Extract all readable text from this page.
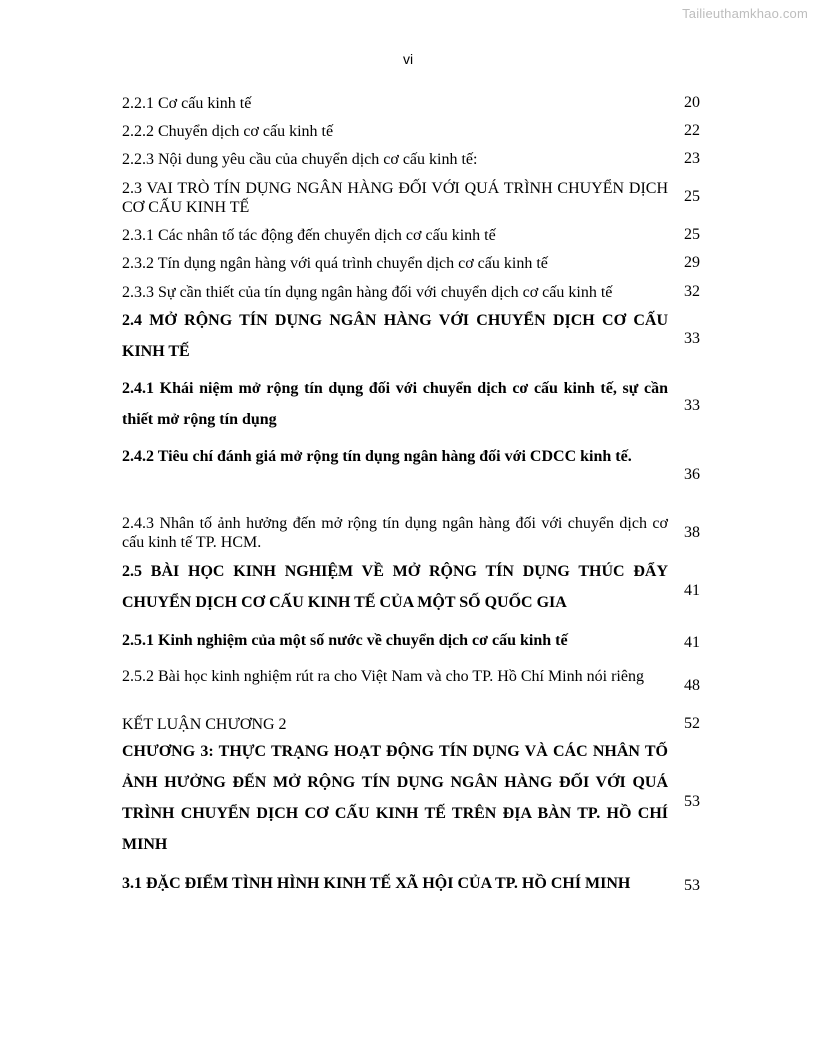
Tailieuthamkhao.com
vi
2.2.1 Cơ cấu kinh tế	20
2.2.2 Chuyển dịch cơ cấu kinh tế	22
2.2.3 Nội dung yêu cầu của chuyển dịch cơ cấu kinh tế:	23
2.3 VAI TRÒ TÍN DỤNG NGÂN HÀNG ĐỐI VỚI QUÁ TRÌNH CHUYỂN DỊCH CƠ CẤU KINH TẾ
25
2.3.1 Các nhân tố tác động đến chuyển dịch cơ cấu kinh tế	25
2.3.2 Tín dụng ngân hàng với quá trình chuyển dịch cơ cấu kinh tế	29
2.3.3 Sự cần thiết của tín dụng ngân hàng đối với chuyển dịch cơ cấu kinh tế	32
2.4 MỞ RỘNG TÍN DỤNG NGÂN HÀNG VỚI CHUYỂN DỊCH CƠ CẤU KINH TẾ
33
2.4.1 Khái niệm mở rộng tín dụng đối với chuyển dịch cơ cấu kinh tế, sự cần thiết mở rộng tín dụng
33
2.4.2 Tiêu chí đánh giá mở rộng tín dụng ngân hàng đối với CDCC kinh tế.
36
2.4.3 Nhân tố ảnh hưởng đến mở rộng tín dụng ngân hàng đối với chuyển dịch cơ cấu kinh tế TP. HCM.
38
2.5 BÀI HỌC KINH NGHIỆM VỀ MỞ RỘNG TÍN DỤNG THÚC ĐẨY CHUYỂN DỊCH CƠ CẤU KINH TẾ CỦA MỘT SỐ QUỐC GIA
41
2.5.1 Kinh nghiệm của một số nước về chuyển dịch cơ cấu kinh tế	41
2.5.2 Bài học kinh nghiệm rút ra cho Việt Nam và cho TP. Hồ Chí Minh nói riêng
48
KẾT LUẬN CHƯƠNG 2	52
CHƯƠNG 3: THỰC TRẠNG HOẠT ĐỘNG TÍN DỤNG VÀ CÁC NHÂN TỐ ẢNH HƯỞNG ĐẾN MỞ RỘNG TÍN DỤNG NGÂN HÀNG ĐỐI VỚI QUÁ TRÌNH CHUYỂN DỊCH CƠ CẤU KINH TẾ TRÊN ĐỊA BÀN TP. HỒ CHÍ MINH
53
3.1 ĐẶC ĐIỂM TÌNH HÌNH KINH TẾ XÃ HỘI CỦA TP. HỒ CHÍ MINH	53
